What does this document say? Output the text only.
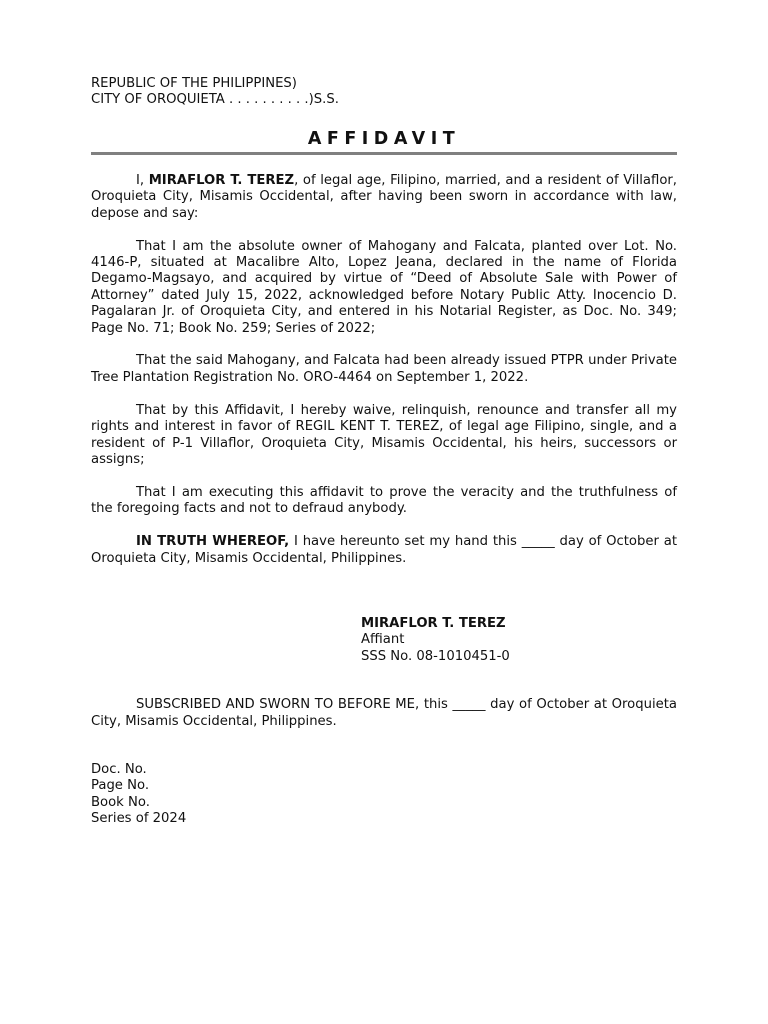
REPUBLIC OF THE PHILIPPINES)
CITY OF OROQUIETA . . . . . . . . . .)S.S.
AFFIDAVIT

I, MIRAFLOR T. TEREZ, of legal age, Filipino, married, and a resident of Villaflor, Oroquieta City, Misamis Occidental, after having been sworn in accordance with law, depose and say:

That I am the absolute owner of Mahogany and Falcata, planted over Lot. No. 4146-P, situated at Macalibre Alto, Lopez Jeana, declared in the name of Florida Degamo-Magsayo, and acquired by virtue of “Deed of Absolute Sale with Power of Attorney” dated July 15, 2022, acknowledged before Notary Public Atty. Inocencio D. Pagalaran Jr. of Oroquieta City, and entered in his Notarial Register, as Doc. No. 349; Page No. 71; Book No. 259; Series of 2022;

That the said Mahogany, and Falcata had been already issued PTPR under Private Tree Plantation Registration No. ORO-4464 on September 1, 2022.

That by this Affidavit, I hereby waive, relinquish, renounce and transfer all my rights and interest in favor of REGIL KENT T. TEREZ, of legal age Filipino, single, and a resident of P-1 Villaflor, Oroquieta City, Misamis Occidental, his heirs, successors or assigns;

That I am executing this affidavit to prove the veracity and the truthfulness of the foregoing facts and not to defraud anybody.

IN TRUTH WHEREOF, I have hereunto set my hand this _____ day of October at Oroquieta City, Misamis Occidental, Philippines.

MIRAFLOR T. TEREZ
Affiant
SSS No. 08-1010451-0

SUBSCRIBED AND SWORN TO BEFORE ME, this _____ day of October at Oroquieta City, Misamis Occidental, Philippines.

Doc. No.
Page No.
Book No.
Series of 2024
